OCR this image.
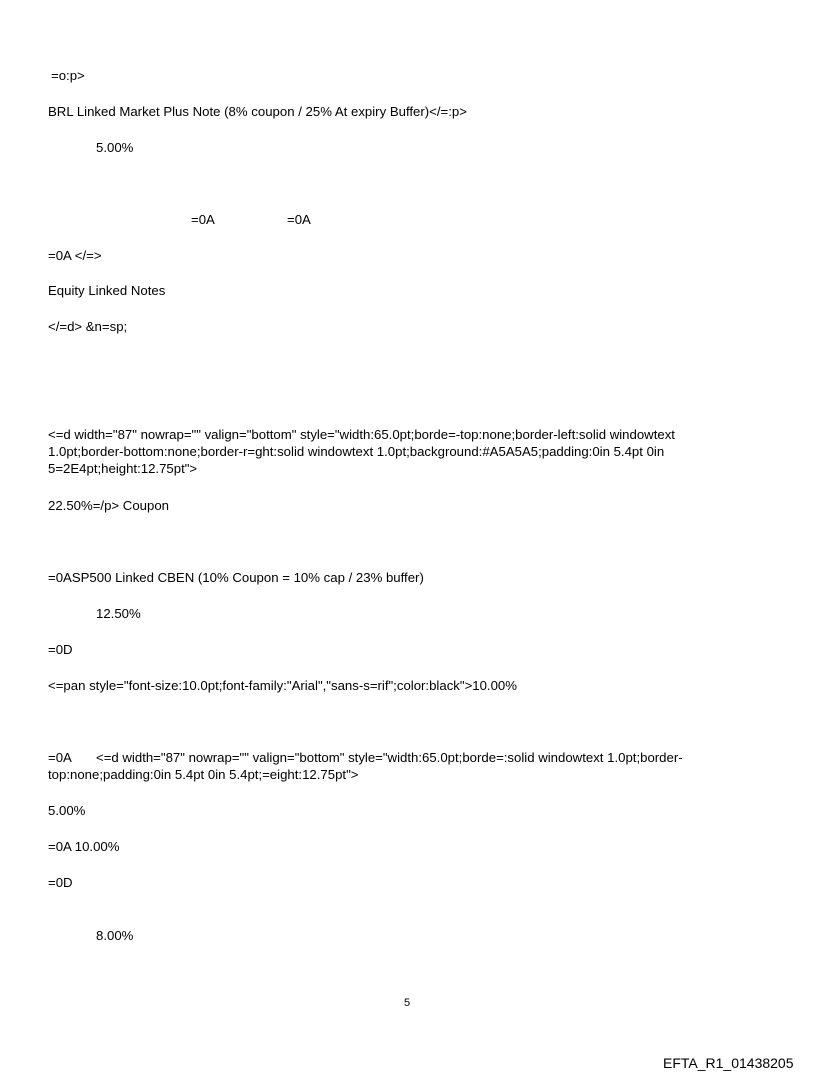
=o:p>
BRL Linked Market Plus Note (8% coupon / 25% At expiry Buffer)</=:p>
5.00%
=0A	=0A
=0A </=>
Equity Linked Notes
</=d> &n=sp;
<=d width="87" nowrap="" valign="bottom" style="width:65.0pt;borde=-top:none;border-left:solid windowtext 1.0pt;border-bottom:none;border-r=ght:solid windowtext 1.0pt;background:#A5A5A5;padding:0in 5.4pt 0in 5=2E4pt;height:12.75pt">
22.50%=/p> Coupon
=0ASP500 Linked CBEN (10% Coupon = 10% cap / 23% buffer)
12.50%
=0D
<=pan style="font-size:10.0pt;font-family:"Arial","sans-s=rif";color:black">10.00%
=0A	<=d width="87" nowrap="" valign="bottom" style="width:65.0pt;borde=:solid windowtext 1.0pt;border-top:none;padding:0in 5.4pt 0in 5.4pt;=eight:12.75pt">
5.00%
=0A 10.00%
=0D
8.00%
5
EFTA_R1_01438205
